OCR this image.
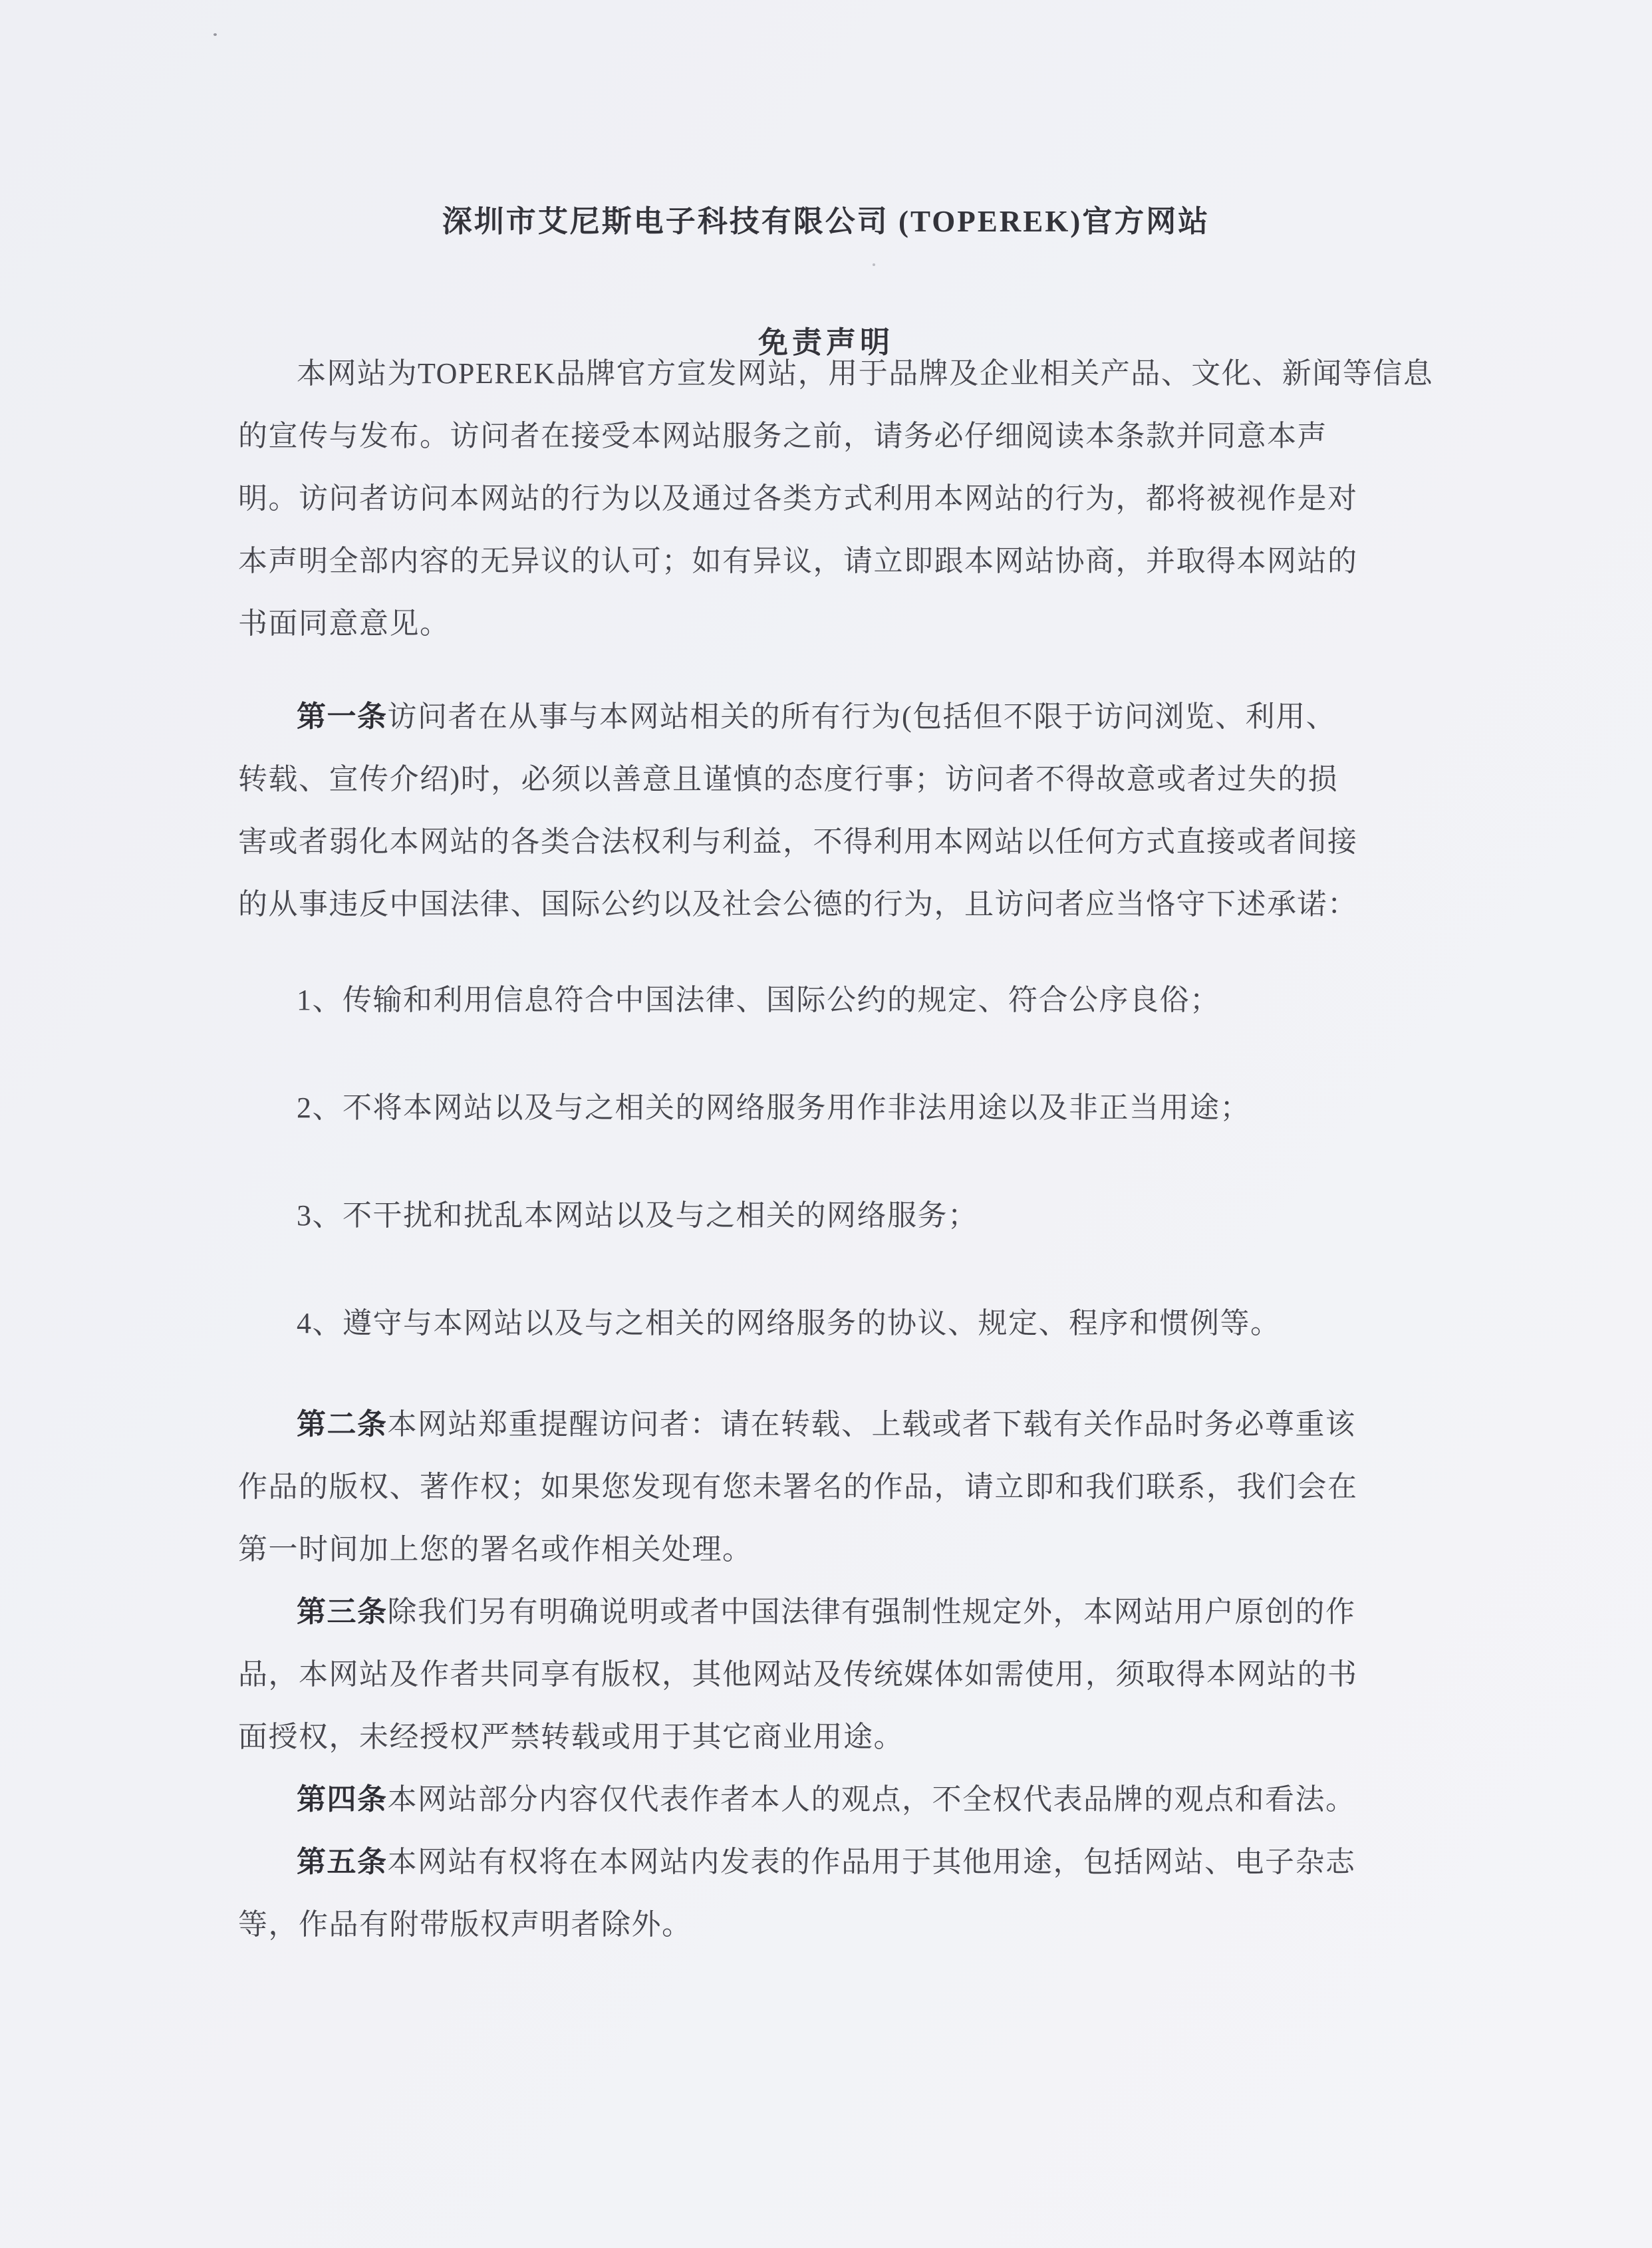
深圳市艾尼斯电子科技有限公司 (TOPEREK)官方网站
免责声明
本网站为TOPEREK品牌官方宣发网站，用于品牌及企业相关产品、文化、新闻等信息
的宣传与发布。访问者在接受本网站服务之前，请务必仔细阅读本条款并同意本声
明。访问者访问本网站的行为以及通过各类方式利用本网站的行为，都将被视作是对
本声明全部内容的无异议的认可；如有异议，请立即跟本网站协商，并取得本网站的
书面同意意见。
第一条访问者在从事与本网站相关的所有行为(包括但不限于访问浏览、利用、
转载、宣传介绍)时，必须以善意且谨慎的态度行事；访问者不得故意或者过失的损
害或者弱化本网站的各类合法权利与利益，不得利用本网站以任何方式直接或者间接
的从事违反中国法律、国际公约以及社会公德的行为，且访问者应当恪守下述承诺：
1、传输和利用信息符合中国法律、国际公约的规定、符合公序良俗；
2、不将本网站以及与之相关的网络服务用作非法用途以及非正当用途；
3、不干扰和扰乱本网站以及与之相关的网络服务；
4、遵守与本网站以及与之相关的网络服务的协议、规定、程序和惯例等。
第二条本网站郑重提醒访问者：请在转载、上载或者下载有关作品时务必尊重该
作品的版权、著作权；如果您发现有您未署名的作品，请立即和我们联系，我们会在
第一时间加上您的署名或作相关处理。
第三条除我们另有明确说明或者中国法律有强制性规定外，本网站用户原创的作
品，本网站及作者共同享有版权，其他网站及传统媒体如需使用，须取得本网站的书
面授权，未经授权严禁转载或用于其它商业用途。
第四条本网站部分内容仅代表作者本人的观点，不全权代表品牌的观点和看法。
第五条本网站有权将在本网站内发表的作品用于其他用途，包括网站、电子杂志
等，作品有附带版权声明者除外。
